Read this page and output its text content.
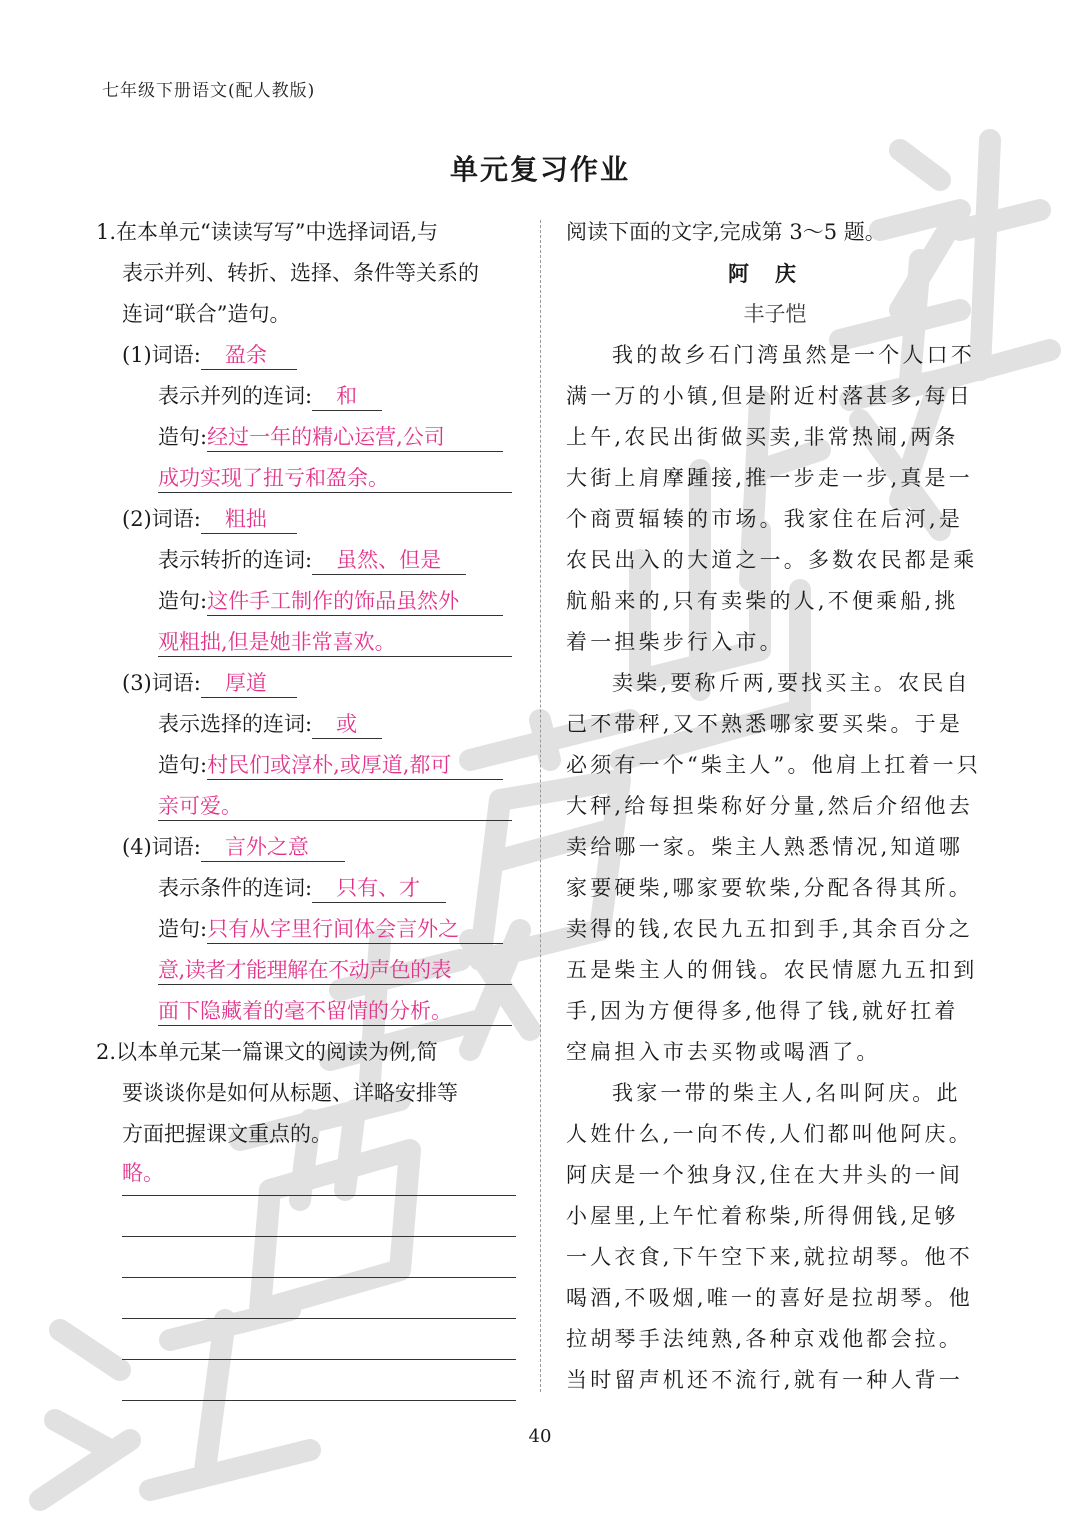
七年级下册语文(配人教版)
单元复习作业
1.在本单元“读读写写”中选择词语,与
表示并列、转折、选择、条件等关系的
连词“联合”造句。
(1)词语: 盈余
表示并列的连词: 和
造句:经过一年的精心运营,公司
成功实现了扭亏和盈余。
(2)词语: 粗拙
表示转折的连词: 虽然、但是
造句:这件手工制作的饰品虽然外
观粗拙,但是她非常喜欢。
(3)词语: 厚道
表示选择的连词: 或
造句:村民们或淳朴,或厚道,都可
亲可爱。
(4)词语: 言外之意
表示条件的连词: 只有、才
造句:只有从字里行间体会言外之
意,读者才能理解在不动声色的表
面下隐藏着的毫不留情的分析。
2.以本单元某一篇课文的阅读为例,简
要谈谈你是如何从标题、详略安排等
方面把握课文重点的。
略。
阅读下面的文字,完成第 3～5 题。
阿庆
丰子恺
我的故乡石门湾虽然是一个人口不
满一万的小镇,但是附近村落甚多,每日
上午,农民出街做买卖,非常热闹,两条
大街上肩摩踵接,推一步走一步,真是一
个商贾辐辏的市场。我家住在后河,是
农民出入的大道之一。多数农民都是乘
航船来的,只有卖柴的人,不便乘船,挑
着一担柴步行入市。
卖柴,要称斤两,要找买主。农民自
己不带秤,又不熟悉哪家要买柴。于是
必须有一个“柴主人”。他肩上扛着一只
大秤,给每担柴称好分量,然后介绍他去
卖给哪一家。柴主人熟悉情况,知道哪
家要硬柴,哪家要软柴,分配各得其所。
卖得的钱,农民九五扣到手,其余百分之
五是柴主人的佣钱。农民情愿九五扣到
手,因为方便得多,他得了钱,就好扛着
空扁担入市去买物或喝酒了。
我家一带的柴主人,名叫阿庆。此
人姓什么,一向不传,人们都叫他阿庆。
阿庆是一个独身汉,住在大井头的一间
小屋里,上午忙着称柴,所得佣钱,足够
一人衣食,下午空下来,就拉胡琴。他不
喝酒,不吸烟,唯一的喜好是拉胡琴。他
拉胡琴手法纯熟,各种京戏他都会拉。
当时留声机还不流行,就有一种人背一
40
